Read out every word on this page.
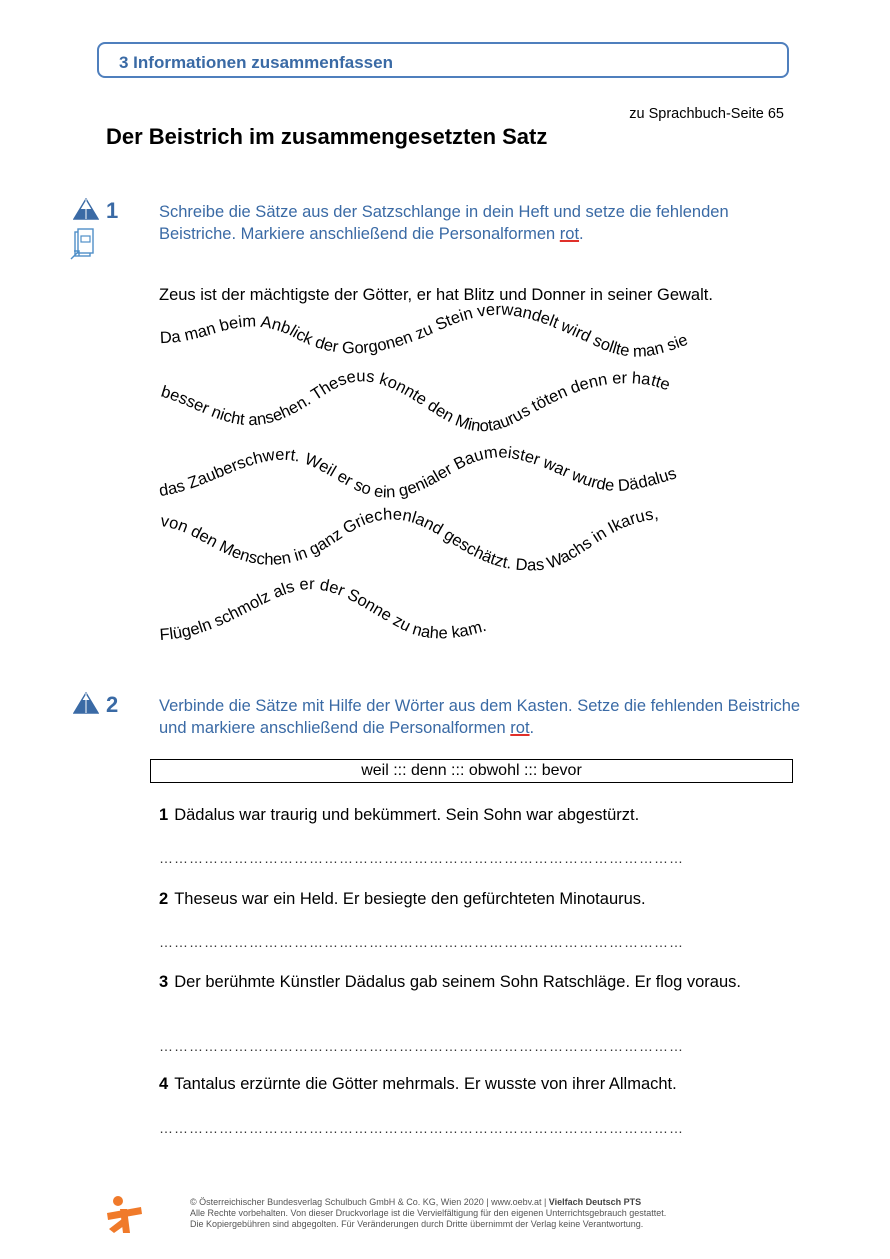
3 Informationen zusammenfassen
zu Sprachbuch-Seite 65
Der Beistrich im zusammengesetzten Satz
1 Schreibe die Sätze aus der Satzschlange in dein Heft und setze die fehlenden Beistriche. Markiere anschließend die Personalformen rot.
Zeus ist der mächtigste der Götter, er hat Blitz und Donner in seiner Gewalt.
Da man beim Anblick der Gorgonen zu Stein verwandelt wird sollte man sie
besser nicht ansehen. Theseus konnte den Minotaurus töten denn er hatte
das Zauberschwert. Weil er so ein genialer Baumeister war wurde Dädalus
von den Menschen in ganz Griechenland geschätzt. Das Wachs in Ikarus,
Flügeln schmolz als er der Sonne zu nahe kam.
2 Verbinde die Sätze mit Hilfe der Wörter aus dem Kasten. Setze die fehlenden Beistriche und markiere anschließend die Personalformen rot.
weil ::: denn ::: obwohl ::: bevor
1 Dädalus war traurig und bekümmert. Sein Sohn war abgestürzt.
……………………………………………………………………………………………
2 Theseus war ein Held. Er besiegte den gefürchteten Minotaurus.
……………………………………………………………………………………………
3 Der berühmte Künstler Dädalus gab seinem Sohn Ratschläge. Er flog voraus.
……………………………………………………………………………………………
4 Tantalus erzürnte die Götter mehrmals. Er wusste von ihrer Allmacht.
……………………………………………………………………………………………
© Österreichischer Bundesverlag Schulbuch GmbH & Co. KG, Wien 2020 | www.oebv.at | Vielfach Deutsch PTS
Alle Rechte vorbehalten. Von dieser Druckvorlage ist die Vervielfältigung für den eigenen Unterrichtsgebrauch gestattet.
Die Kopiergebühren sind abgegolten. Für Veränderungen durch Dritte übernimmt der Verlag keine Verantwortung.
